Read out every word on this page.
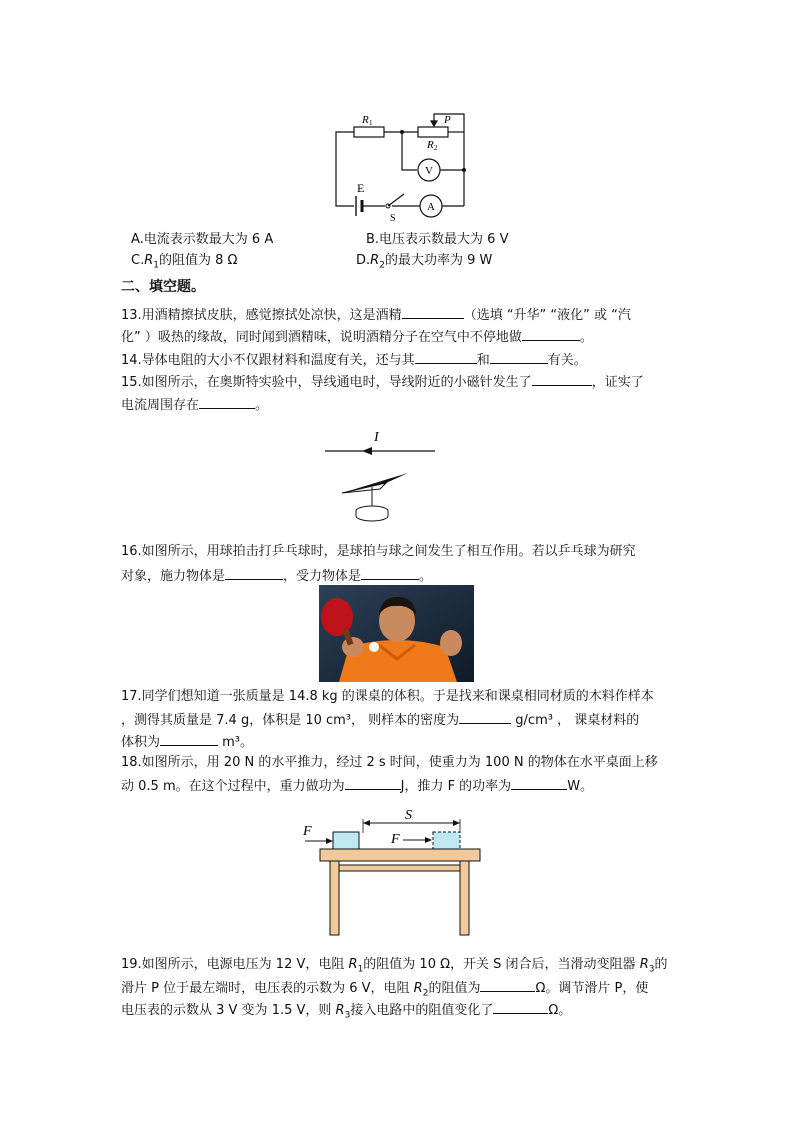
R 1	P
R 2
V
A
E
S
A.电流表示数最大为 6 A	B.电压表示数最大为 6 V
$C.R_1$的阻值为 8 Ω	$D.R_2$的最大功率为 9 W
二、填空题。
13.用酒精擦拭皮肤，感觉擦拭处凉快，这是酒精	（选填 “升华” “液化” 或 “汽
化” ）吸热的缘故，同时闻到酒精味，说明酒精分子在空气中不停地做	。
14.导体电阻的大小不仅跟材料和温度有关，还与其	和	有关。
15.如图所示，在奥斯特实验中，导线通电时，导线附近的小磁针发生了	，证实了
电流周围存在	。
I
16.如图所示，用球拍击打乒乓球时，是球拍与球之间发生了相互作用。若以乒乓球为研究
对象，施力物体是	，受力物体是	。
17.同学们想知道一张质量是 14.8 kg 的课桌的体积。于是找来和课桌相同材质的木料作样本
，测得其质量是 7.4 g，体积是 10 cm³， 则样本的密度为	g/cm³ ， 课桌材料的
体积为	m³。
18.如图所示，用 20 N 的水平推力，经过 2 s 时间，使重力为 100 N 的物体在水平桌面上移
动 0.5 m。在这个过程中，重力做功为	J，推力 F 的功率为	W。
S
F
F
19.如图所示，电源电压为 12 V，电阻 $R_1$的阻值为 10 Ω，开关 S 闭合后，当滑动变阻器 $R_3$的
滑片 P 位于最左端时，电压表的示数为 6 V，电阻 $R_2$的阻值为	Ω。调节滑片 P，使
电压表的示数从 3 V 变为 1.5 V，则 $R_3$接入电路中的阻值变化了	Ω。
